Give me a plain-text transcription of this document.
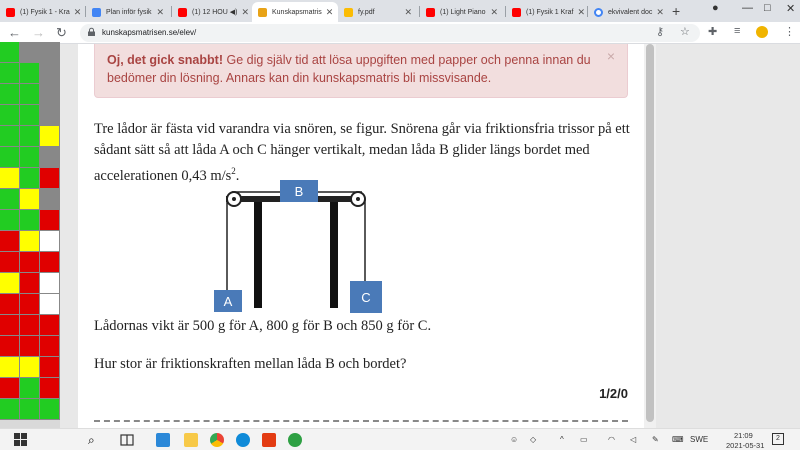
(1) Fysik 1 - Kra ✕	Plan inför fysik ✕	(1) 12 HOU ◀) ✕	Kunskapsmatris ✕	fy.pdf	✕	(1) Light Piano ✕	(1) Fysik 1 Kraf ✕	ekvivalent doc ✕ +	● — □ ✕
← → ↻	kunskapsmatrisen.se/elev/	⚷ ☆ ✚ ≡	⋮
Oj, det gick snabbt! Ge dig själv tid att lösa uppgiften med papper och penna innan du bedömer din lösning. Annars kan din kunskapsmatris bli missvisande.
×
Tre lådor är fästa vid varandra via snören, se figur. Snörena går via friktionsfria trissor på ett sådant sätt så att låda A och C hänger vertikalt, medan låda B glider längs bordet med accelerationen 0,43 $m/s^2$.
B
A	C
Lådornas vikt är 500 g för A, 800 g för B och 850 g för C.
Hur stor är friktionskraften mellan låda B och bordet?
1/2/0
⌕	☺ ◇	^ ▭	◠ ◁ ✎ ⌨ SWE	21:09
2021-05-31
2
